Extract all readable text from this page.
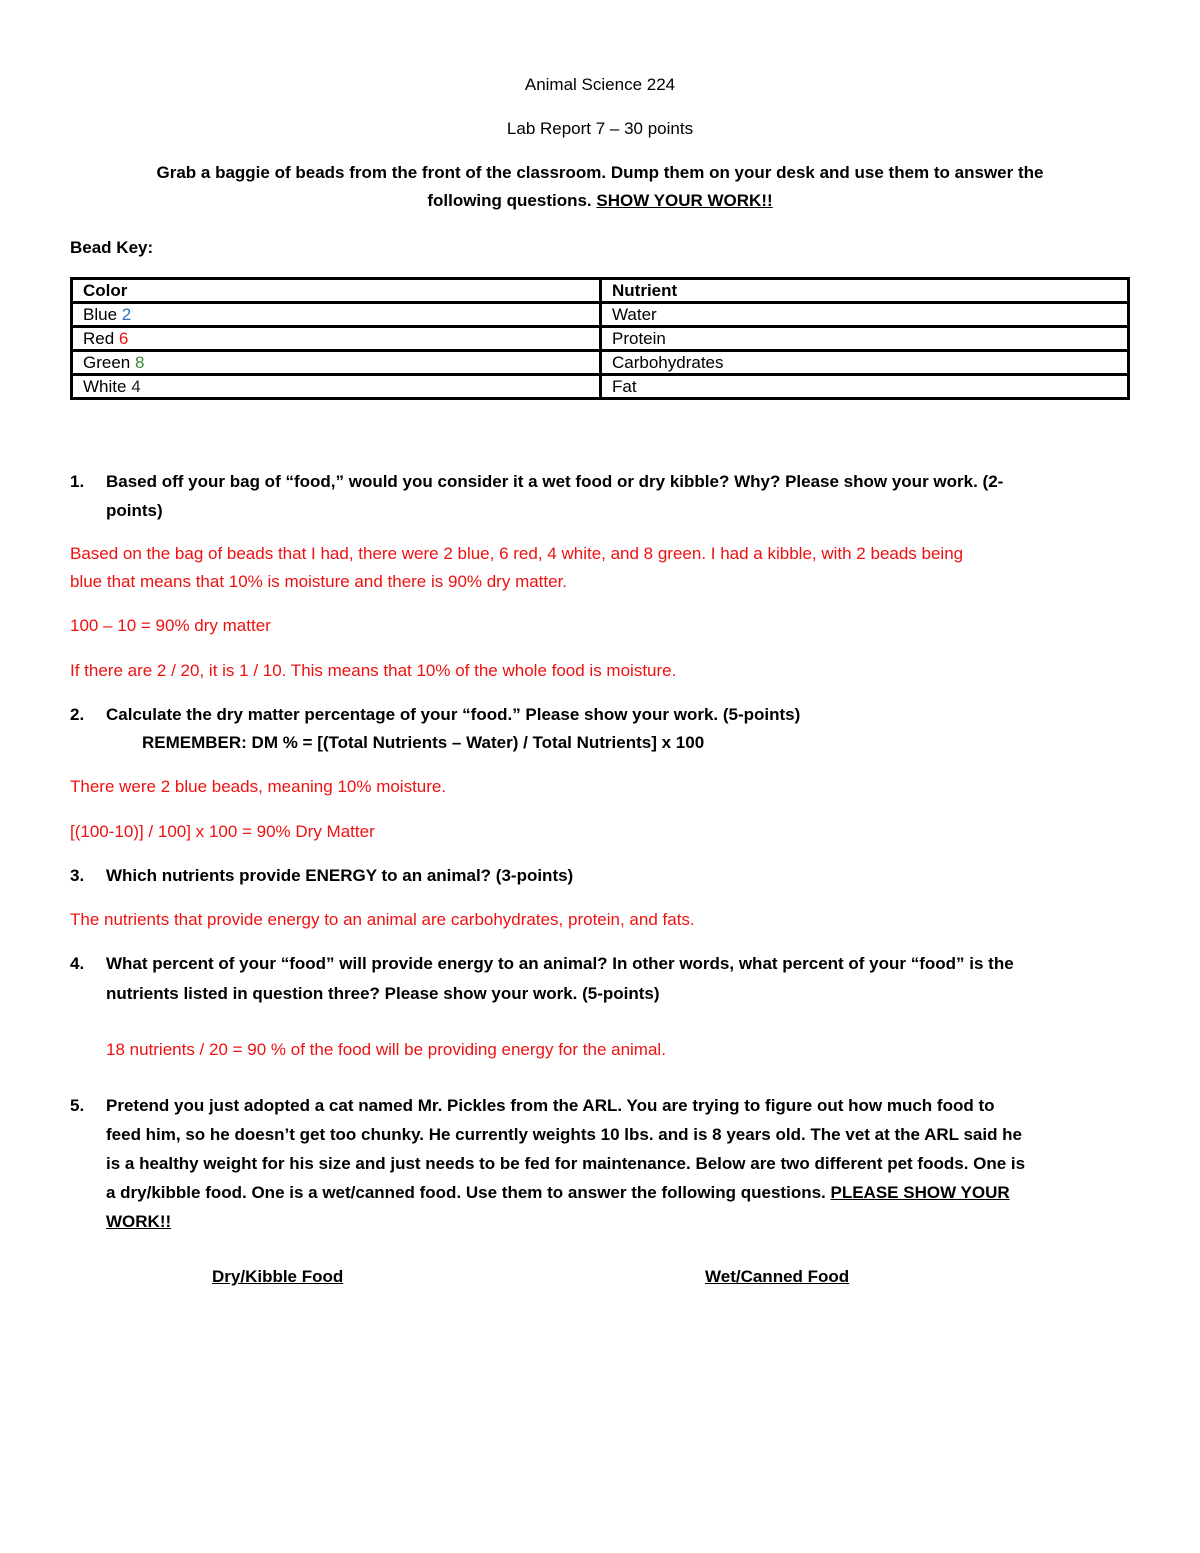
Animal Science 224
Lab Report 7 – 30 points
Grab a baggie of beads from the front of the classroom. Dump them on your desk and use them to answer the
following questions. SHOW YOUR WORK!!
Bead Key:
Color	Nutrient
Blue 2	Water
Red 6	Protein
Green 8	Carbohydrates
White 4	Fat
1. Based off your bag of “food,” would you consider it a wet food or dry kibble? Why? Please show your work. (2-
points)
Based on the bag of beads that I had, there were 2 blue, 6 red, 4 white, and 8 green. I had a kibble, with 2 beads being
blue that means that 10% is moisture and there is 90% dry matter.
100 – 10 = 90% dry matter
If there are 2 / 20, it is 1 / 10. This means that 10% of the whole food is moisture.
2. Calculate the dry matter percentage of your “food.” Please show your work. (5-points)
REMEMBER: DM % = [(Total Nutrients – Water) / Total Nutrients] x 100
There were 2 blue beads, meaning 10% moisture.
[(100-10)] / 100] x 100 = 90% Dry Matter
3. Which nutrients provide ENERGY to an animal? (3-points)
The nutrients that provide energy to an animal are carbohydrates, protein, and fats.
4. What percent of your “food” will provide energy to an animal? In other words, what percent of your “food” is the
nutrients listed in question three? Please show your work. (5-points)
18 nutrients / 20 = 90 % of the food will be providing energy for the animal.
5. Pretend you just adopted a cat named Mr. Pickles from the ARL. You are trying to figure out how much food to
feed him, so he doesn’t get too chunky. He currently weights 10 lbs. and is 8 years old. The vet at the ARL said he
is a healthy weight for his size and just needs to be fed for maintenance. Below are two different pet foods. One is
a dry/kibble food. One is a wet/canned food. Use them to answer the following questions. PLEASE SHOW YOUR
WORK!!
Dry/Kibble Food	Wet/Canned Food
